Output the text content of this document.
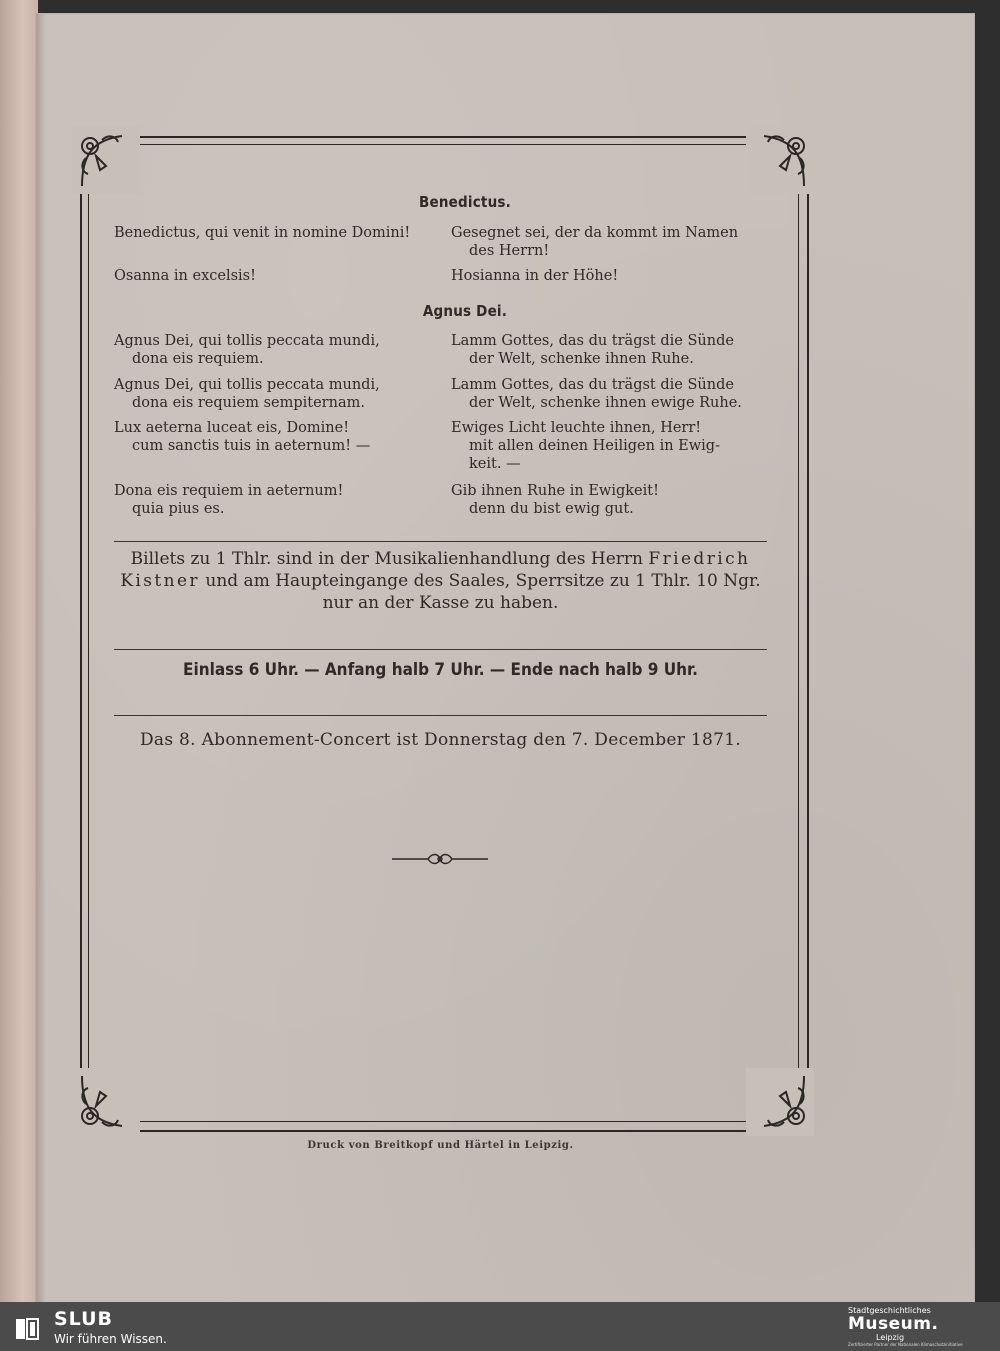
Benedictus.
Benedictus, qui venit in nomine Domini!	Gesegnet sei, der da kommt im Namen
des Herrn!
Osanna in excelsis!	Hosianna in der Höhe!
Agnus Dei.
Agnus Dei, qui tollis peccata mundi,
dona eis requiem.
Lamm Gottes, das du trägst die Sünde
der Welt, schenke ihnen Ruhe.
Agnus Dei, qui tollis peccata mundi,
dona eis requiem sempiternam.
Lamm Gottes, das du trägst die Sünde
der Welt, schenke ihnen ewige Ruhe.
Lux aeterna luceat eis, Domine!
cum sanctis tuis in aeternum! —
Ewiges Licht leuchte ihnen, Herr!
mit allen deinen Heiligen in Ewig-
keit. —
Dona eis requiem in aeternum!
quia pius es.
Gib ihnen Ruhe in Ewigkeit!
denn du bist ewig gut.
Billets zu 1 Thlr. sind in der Musikalienhandlung des Herrn Friedrich
Kistner und am Haupteingange des Saales, Sperrsitze zu 1 Thlr. 10 Ngr.
nur an der Kasse zu haben.
Einlass 6 Uhr. — Anfang halb 7 Uhr. — Ende nach halb 9 Uhr.
Das 8. Abonnement-Concert ist Donnerstag den 7. December 1871.
Druck von Breitkopf und Härtel in Leipzig.
SLUB
Wir führen Wissen.
Stadtgeschichtliches
Museum.
Leipzig
Zertifizierter Partner der Nationalen Klimaschutzinitiative
